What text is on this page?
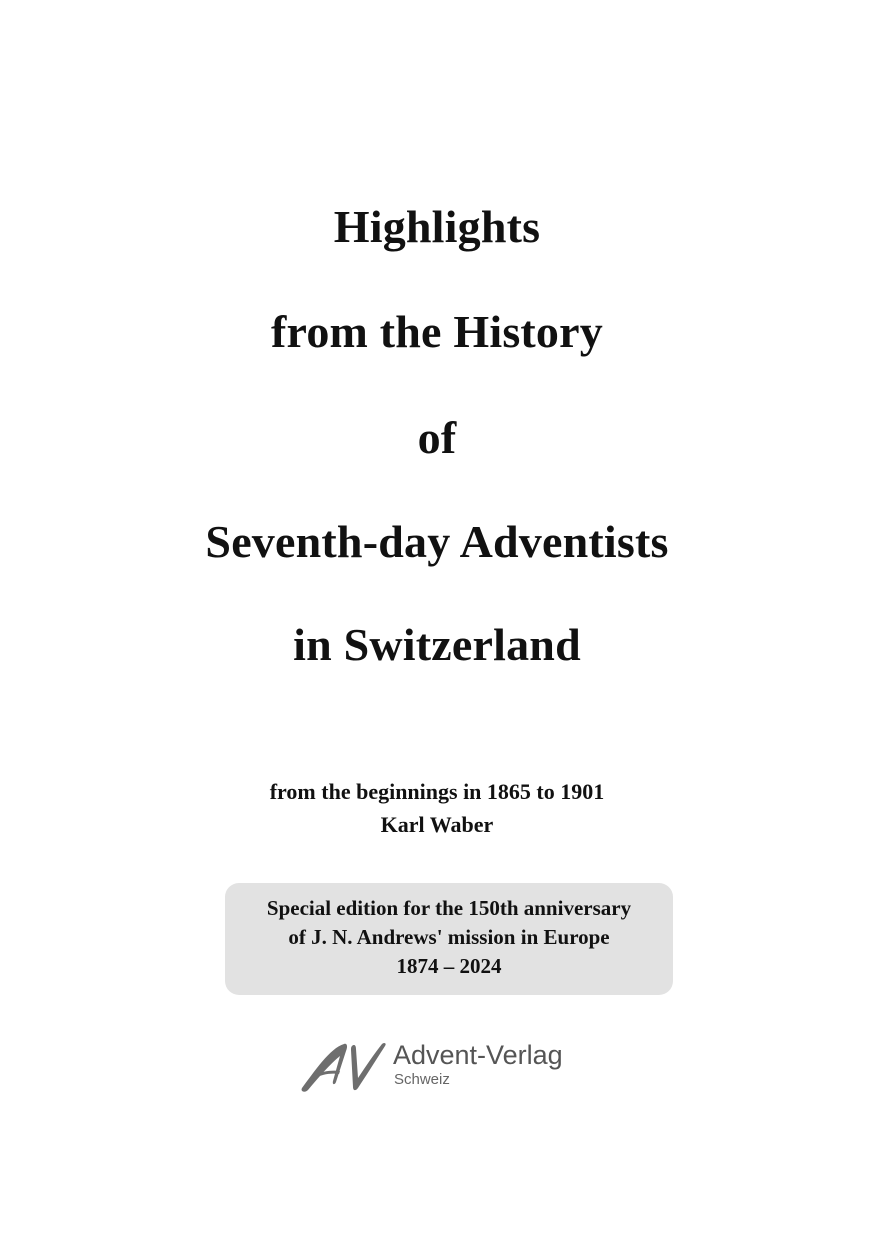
Highlights
from the History
of
Seventh-day Adventists
in Switzerland

from the beginnings in 1865 to 1901

Karl Waber

Special edition for the 150th anniversary
of J. N. Andrews' mission in Europe
1874 – 2024
Advent-Verlag
Schweiz
